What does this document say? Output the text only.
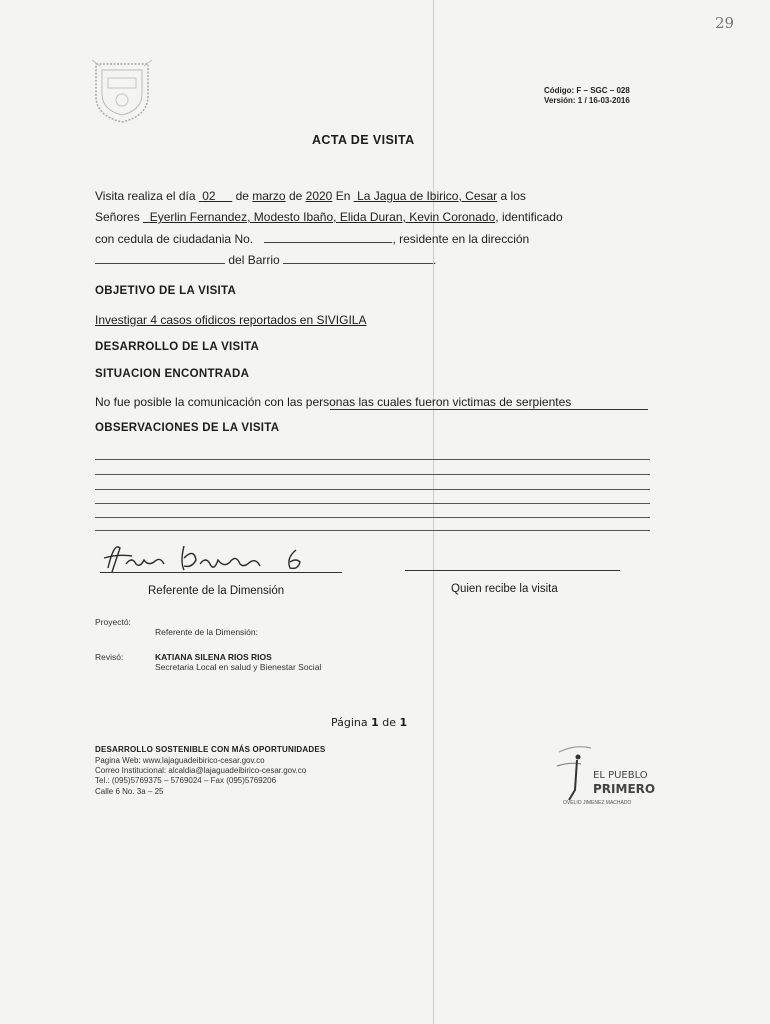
29
Código: F – SGC – 028
Versión: 1 / 16-03-2016
ACTA DE VISITA
Visita realiza el día 02 de marzo de 2020 En La Jagua de Ibirico, Cesar a los
Señores Eyerlin Fernandez, Modesto Ibaño, Elida Duran, Kevin Coronado, identificado
con cedula de ciudadania No.	, residente en la dirección
del Barrio	.
OBJETIVO DE LA VISITA
Investigar 4 casos ofidicos reportados en SIVIGILA
DESARROLLO DE LA VISITA
SITUACION ENCONTRADA
No fue posible la comunicación con las personas las cuales fueron victimas de serpientes
OBSERVACIONES DE LA VISITA
Referente de la Dimensión	Quien recibe la visita
Proyectó:
Referente de la Dimensión:
Revisó:	KATIANA SILENA RIOS RIOS
Secretaria Local en salud y Bienestar Social
Página 1 de 1
DESARROLLO SOSTENIBLE CON MÁS OPORTUNIDADES
Pagina Web: www.lajaguadeibirico-cesar.gov.co
Correo Institucional: alcaldia@lajaguadeibirico-cesar.gov.co
Tel.: (095)5769375 – 5769024 – Fax (095)5769206
Calle 6 No. 3a – 25
EL PUEBLO
PRIMERO
OVELIO JIMENEZ MACHADO
